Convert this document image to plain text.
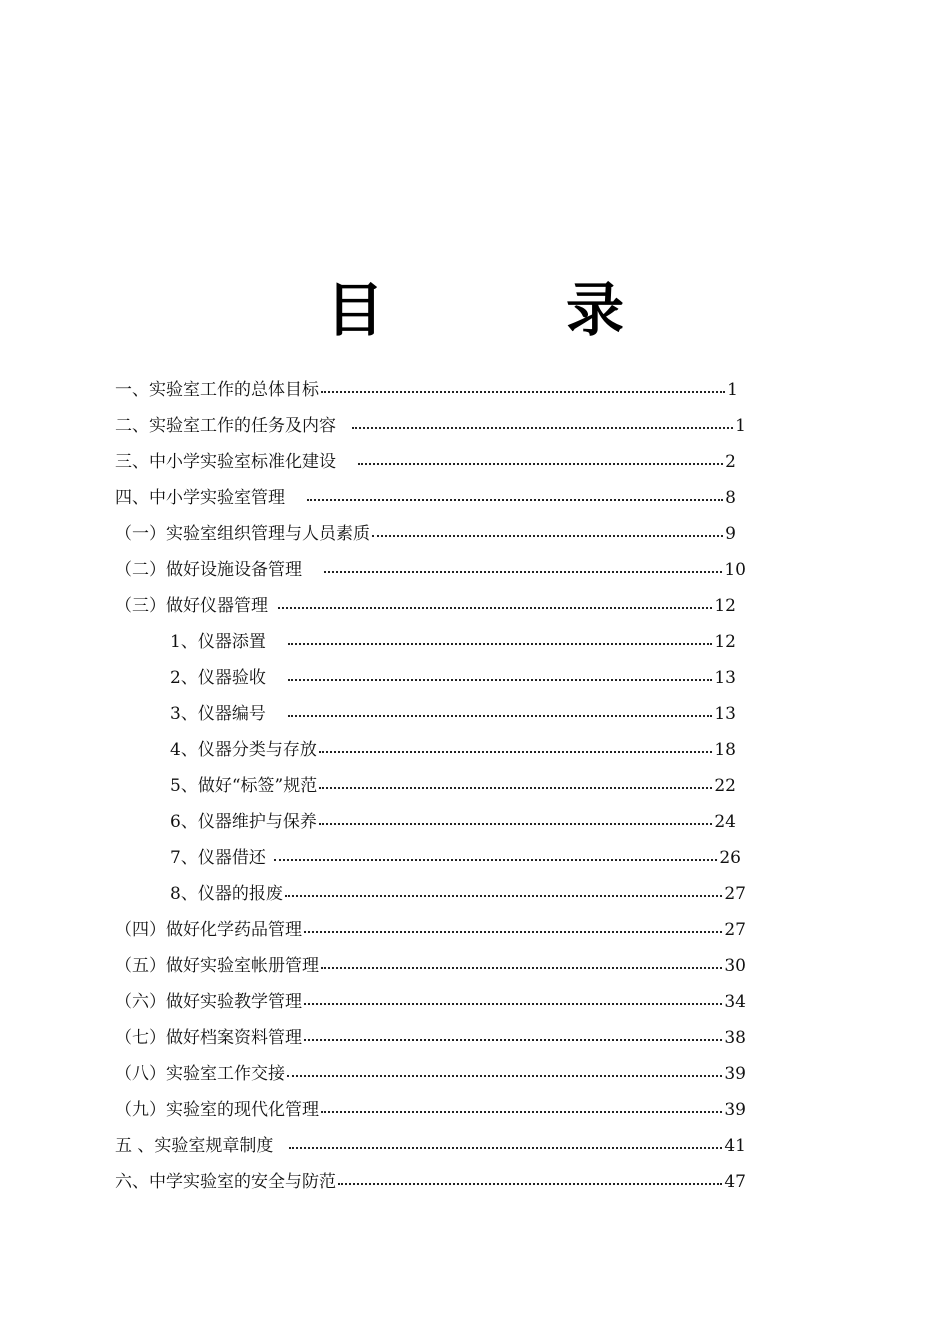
目　录
一、实验室工作的总体目标	1
二、实验室工作的任务及内容	1
三、中小学实验室标准化建设	2
四、中小学实验室管理	8
（一）实验室组织管理与人员素质	9
（二）做好设施设备管理	10
（三）做好仪器管理	12
1、仪器添置	12
2、仪器验收	13
3、仪器编号	13
4、仪器分类与存放	18
5、做好“标签”规范	22
6、仪器维护与保养	24
7、仪器借还	26
8、仪器的报废	27
（四）做好化学药品管理	27
（五）做好实验室帐册管理	30
（六）做好实验教学管理	34
（七）做好档案资料管理	38
（八）实验室工作交接	39
（九）实验室的现代化管理	39
五 、实验室规章制度	41
六、中学实验室的安全与防范	47
